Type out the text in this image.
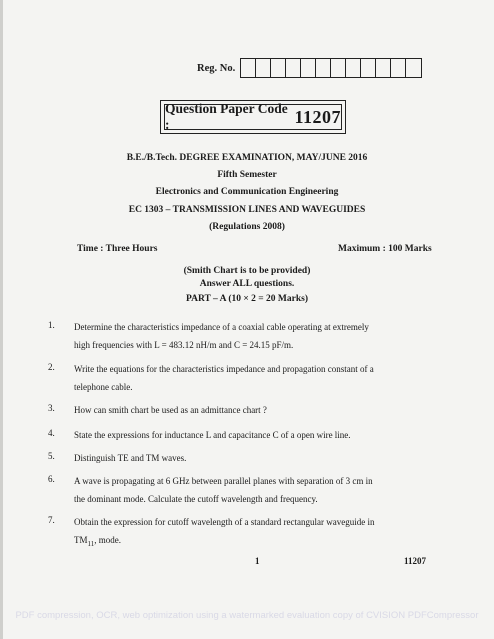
Reg. No.
Question Paper Code :	11207
B.E./B.Tech. DEGREE EXAMINATION, MAY/JUNE 2016
Fifth Semester
Electronics and Communication Engineering
EC 1303 – TRANSMISSION LINES AND WAVEGUIDES
(Regulations 2008)
Time : Three Hours	Maximum : 100 Marks
(Smith Chart is to be provided)
Answer ALL questions.
PART – A (10 × 2 = 20 Marks)
1. Determine the characteristics impedance of a coaxial cable operating at extremely
high frequencies with L = 483.12 nH/m and C = 24.15 pF/m.
2. Write the equations for the characteristics impedance and propagation constant of a
telephone cable.
3. How can smith chart be used as an admittance chart ?
4. State the expressions for inductance L and capacitance C of a open wire line.
5. Distinguish TE and TM waves.
6. A wave is propagating at 6 GHz between parallel planes with separation of 3 cm in
the dominant mode. Calculate the cutoff wavelength and frequency.
7. Obtain the expression for cutoff wavelength of a standard rectangular waveguide in
$TM_{11}$, mode.
1	11207
PDF compression, OCR, web optimization using a watermarked evaluation copy of CVISION PDFCompressor
